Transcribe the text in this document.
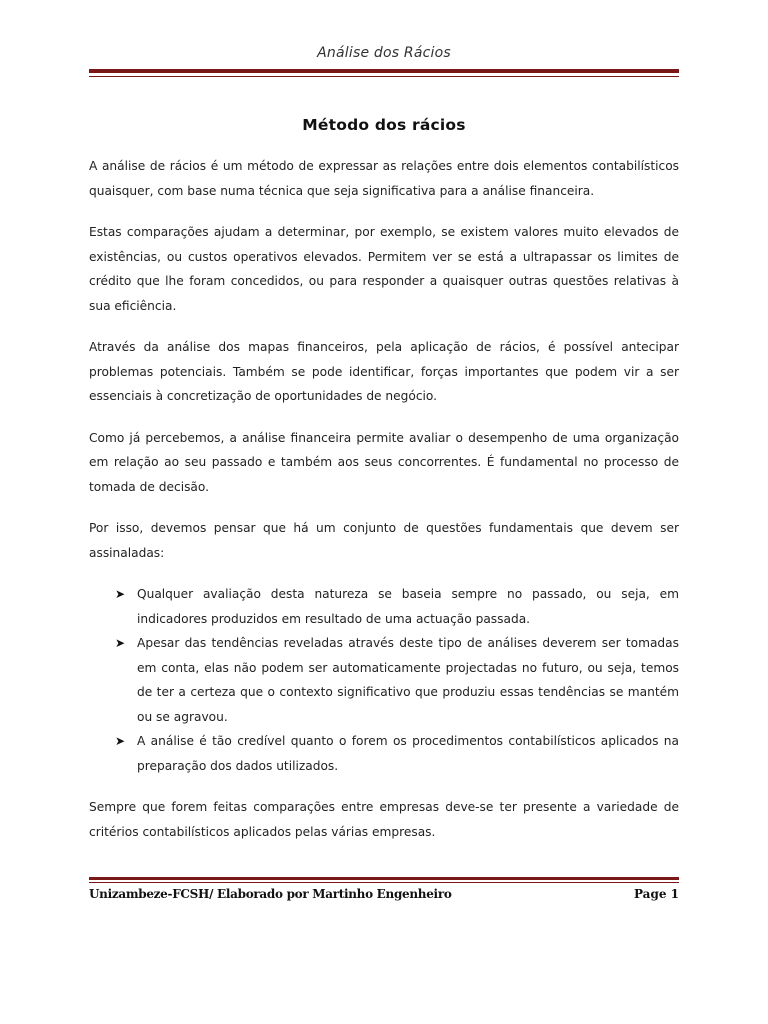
Análise dos Rácios
Método dos rácios

A análise de rácios é um método de expressar as relações entre dois elementos contabilísticos quaisquer, com base numa técnica que seja significativa para a análise financeira.

Estas comparações ajudam a determinar, por exemplo, se existem valores muito elevados de existências, ou custos operativos elevados. Permitem ver se está a ultrapassar os limites de crédito que lhe foram concedidos, ou para responder a quaisquer outras questões relativas à sua eficiência.

Através da análise dos mapas financeiros, pela aplicação de rácios, é possível antecipar problemas potenciais. Também se pode identificar, forças importantes que podem vir a ser essenciais à concretização de oportunidades de negócio.

Como já percebemos, a análise financeira permite avaliar o desempenho de uma organização em relação ao seu passado e também aos seus concorrentes. É fundamental no processo de tomada de decisão.

Por isso, devemos pensar que há um conjunto de questões fundamentais que devem ser assinaladas:

➤ Qualquer avaliação desta natureza se baseia sempre no passado, ou seja, em indicadores produzidos em resultado de uma actuação passada.
➤ Apesar das tendências reveladas através deste tipo de análises deverem ser tomadas em conta, elas não podem ser automaticamente projectadas no futuro, ou seja, temos de ter a certeza que o contexto significativo que produziu essas tendências se mantém ou se agravou.
➤ A análise é tão credível quanto o forem os procedimentos contabilísticos aplicados na preparação dos dados utilizados.

Sempre que forem feitas comparações entre empresas deve-se ter presente a variedade de critérios contabilísticos aplicados pelas várias empresas.

Unizambeze-FCSH/ Elaborado por Martinho Engenheiro	Page 1
